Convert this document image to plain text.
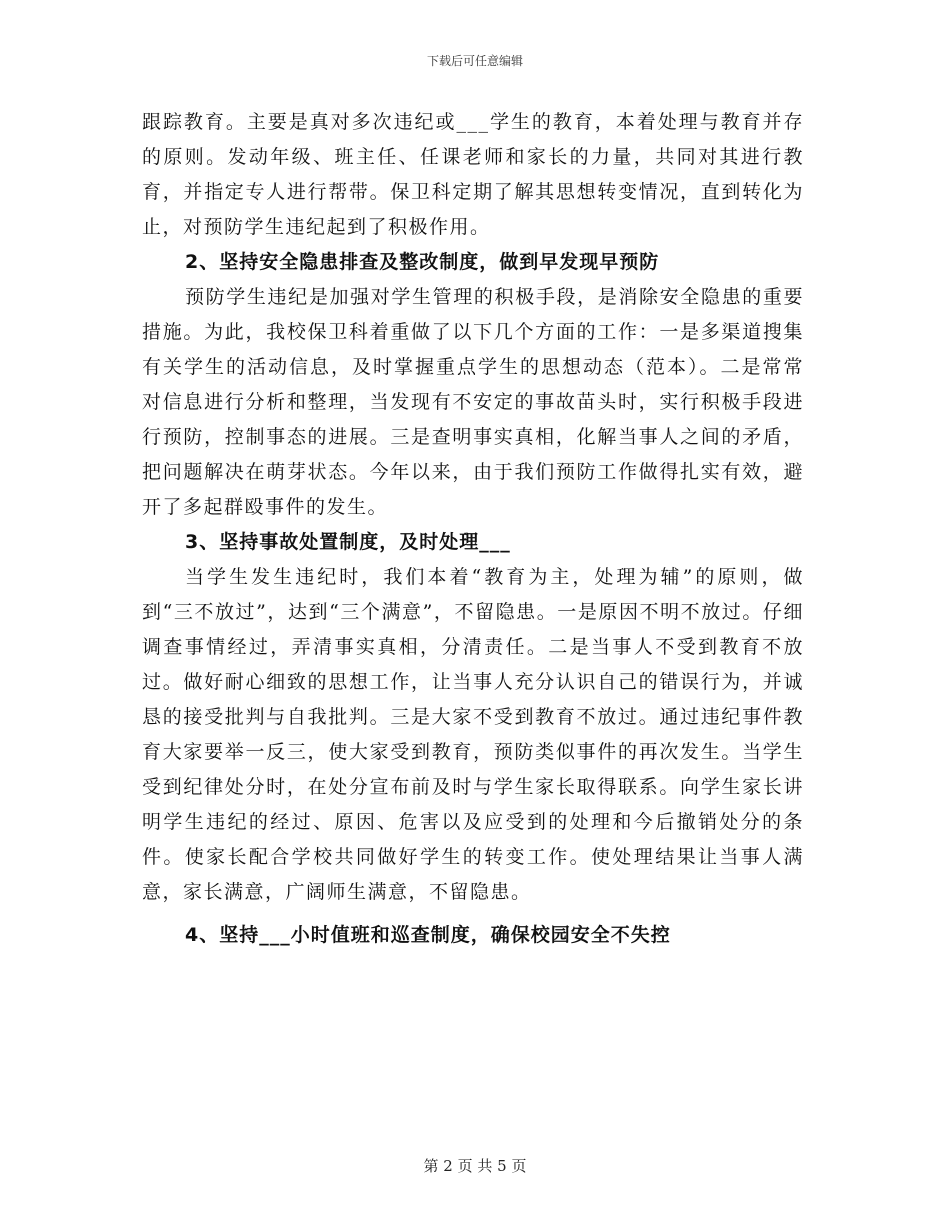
下载后可任意编辑

跟踪教育。主要是真对多次违纪或___学生的教育，本着处理与教育并存的原则。发动年级、班主任、任课老师和家长的力量，共同对其进行教育，并指定专人进行帮带。保卫科定期了解其思想转变情况，直到转化为止，对预防学生违纪起到了积极作用。

2、坚持安全隐患排查及整改制度，做到早发现早预防

预防学生违纪是加强对学生管理的积极手段，是消除安全隐患的重要措施。为此，我校保卫科着重做了以下几个方面的工作：一是多渠道搜集有关学生的活动信息，及时掌握重点学生的思想动态（范本）。二是常常对信息进行分析和整理，当发现有不安定的事故苗头时，实行积极手段进行预防，控制事态的进展。三是查明事实真相，化解当事人之间的矛盾，把问题解决在萌芽状态。今年以来，由于我们预防工作做得扎实有效，避开了多起群殴事件的发生。

3、坚持事故处置制度，及时处理___

当学生发生违纪时，我们本着“教育为主，处理为辅”的原则，做到“三不放过”，达到“三个满意”，不留隐患。一是原因不明不放过。仔细调查事情经过，弄清事实真相，分清责任。二是当事人不受到教育不放过。做好耐心细致的思想工作，让当事人充分认识自己的错误行为，并诚恳的接受批判与自我批判。三是大家不受到教育不放过。通过违纪事件教育大家要举一反三，使大家受到教育，预防类似事件的再次发生。当学生受到纪律处分时，在处分宣布前及时与学生家长取得联系。向学生家长讲明学生违纪的经过、原因、危害以及应受到的处理和今后撤销处分的条件。使家长配合学校共同做好学生的转变工作。使处理结果让当事人满意，家长满意，广阔师生满意，不留隐患。

4、坚持___小时值班和巡查制度，确保校园安全不失控

第 2 页 共 5 页
